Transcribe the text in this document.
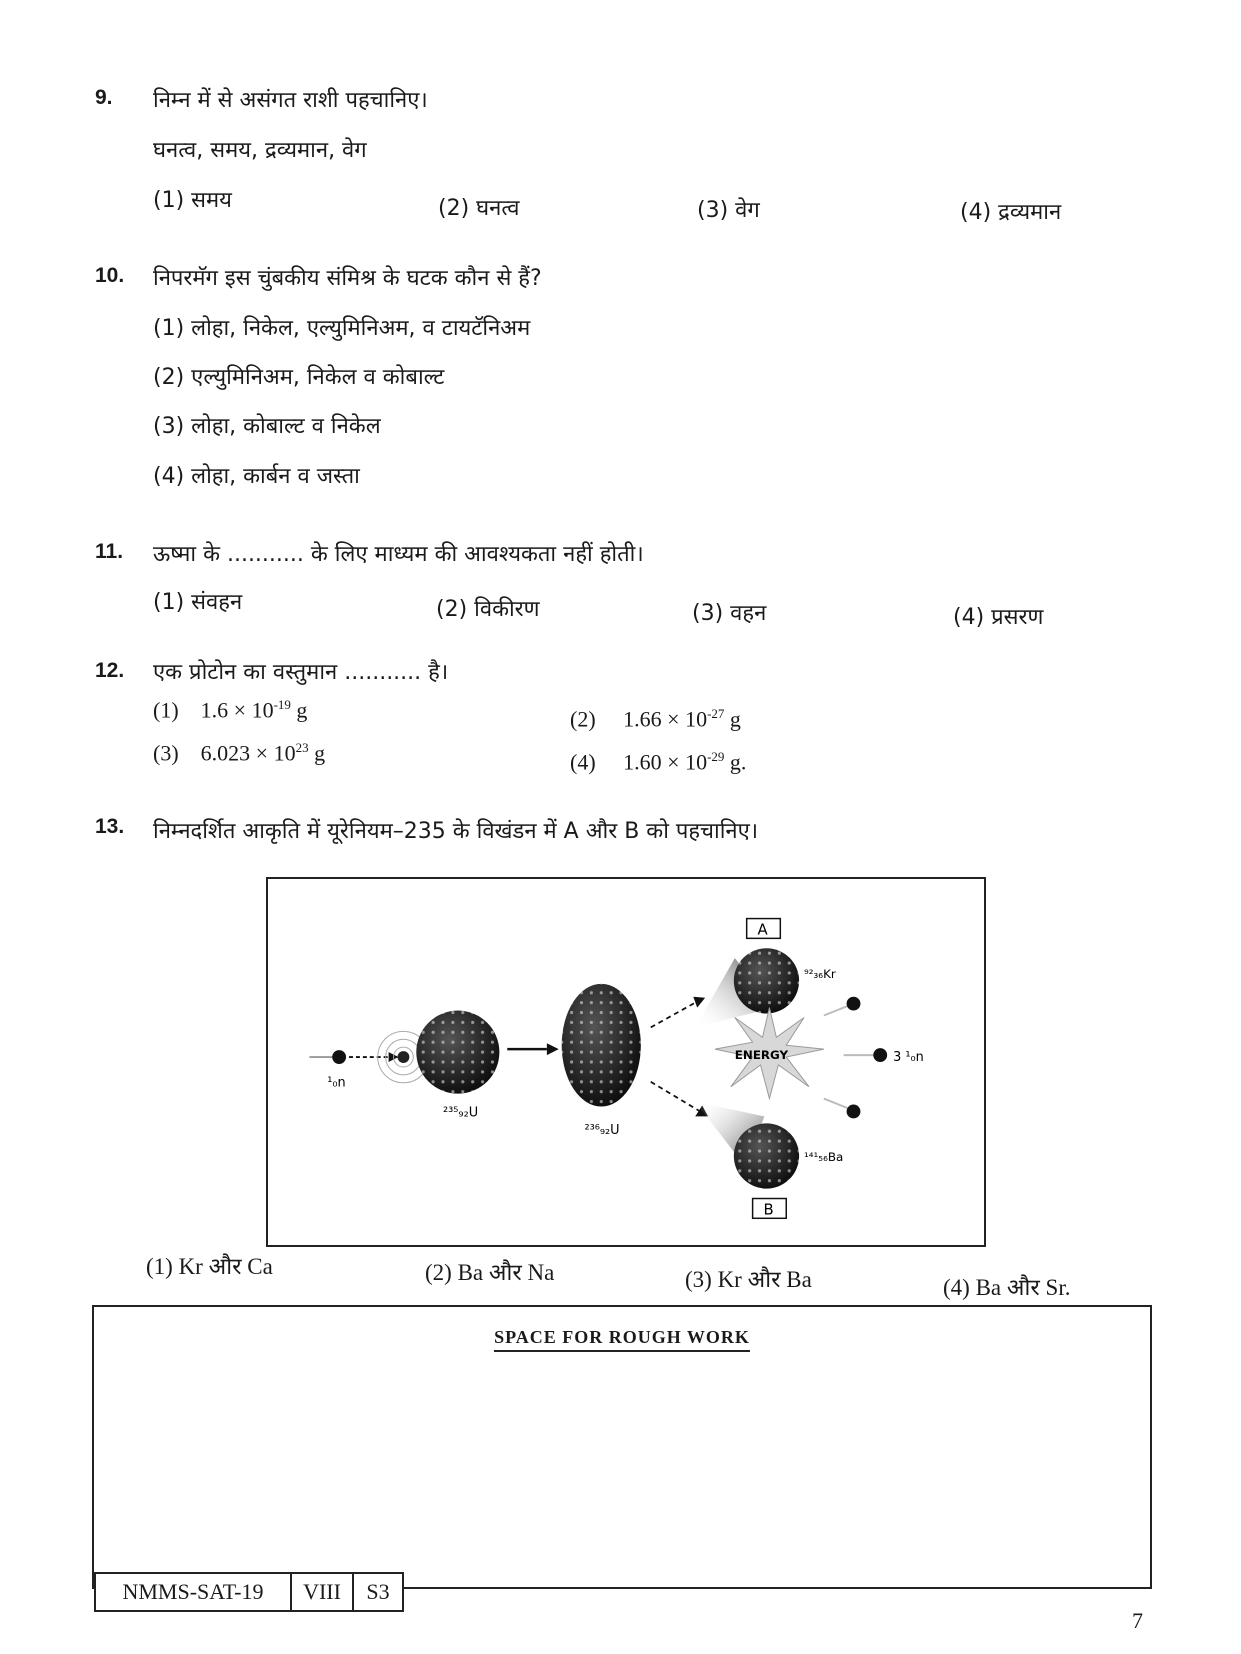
9. निम्न में से असंगत राशी पहचानिए।
घनत्व, समय, द्रव्यमान, वेग
(1) समय	(2) घनत्व	(3) वेग	(4) द्रव्यमान
10. निपरमॅग इस चुंबकीय संमिश्र के घटक कौन से हैं?
(1) लोहा, निकेल, एल्युमिनिअम, व टायटॅनिअम
(2) एल्युमिनिअम, निकेल व कोबाल्ट
(3) लोहा, कोबाल्ट व निकेल
(4) लोहा, कार्बन व जस्ता
11. ऊष्मा के ........... के लिए माध्यम की आवश्यकता नहीं होती।
(1) संवहन	(2) विकीरण	(3) वहन	(4) प्रसरण
12. एक प्रोटोन का वस्तुमान ........... है।
(1) $1.6 \times 10^{-19}$ g	(2) $1.66 \times 10^{-27}$ g
(3) $6.023 \times 10^{23}$ g	(4) $1.60 \times 10^{-29}$ g.
13. निम्नदर्शित आकृति में यूरेनियम–235 के विखंडन में A और B को पहचानिए।
¹₀n
²³⁵₉₂U
²³⁶₉₂U
A
⁹²₃₆Kr
B
¹⁴¹₅₆Ba
ENERGY	3 ¹₀n
(1) Kr और Ca	(2) Ba और Na	(3) Kr और Ba	(4) Ba और Sr.
SPACE FOR ROUGH WORK
NMMS-SAT-19	VIII	S3
7
